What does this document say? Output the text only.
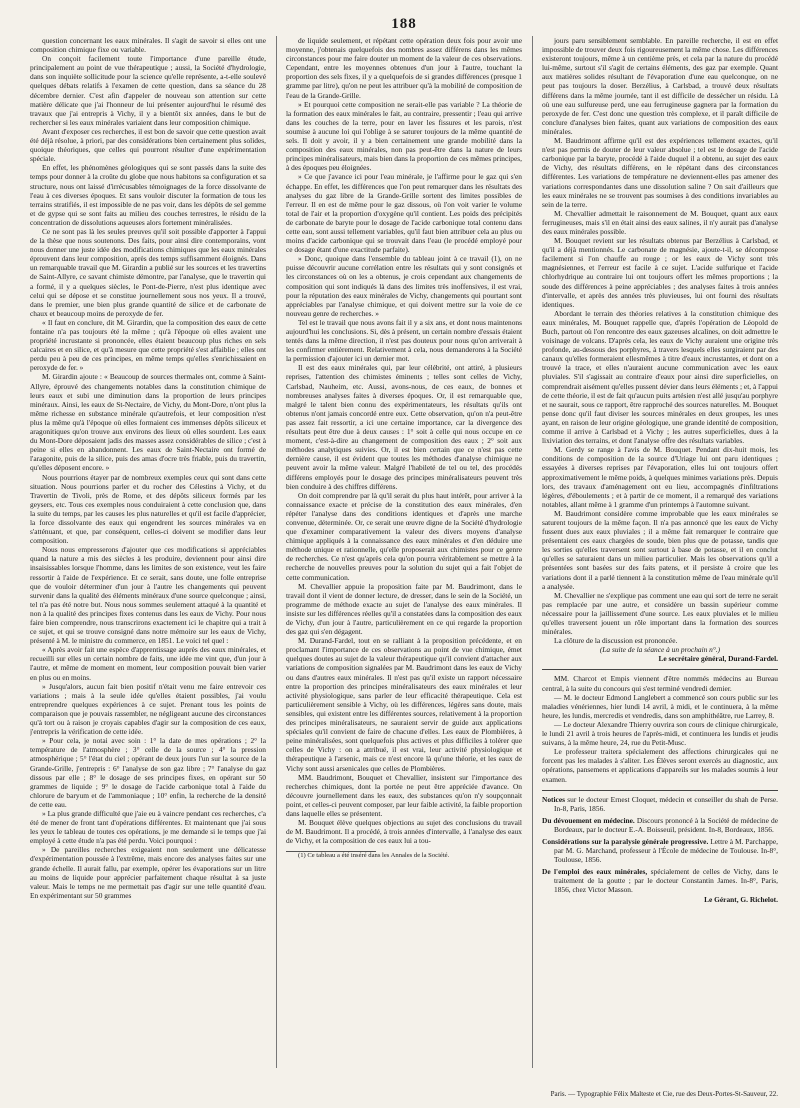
188

question concernant les eaux minérales. Il s'agit de savoir si elles ont une composition chimique fixe ou variable.

On conçoit facilement toute l'importance d'une pareille étude, principalement au point de vue thérapeutique ; aussi, la Société d'hydrologie, dans son inquiète sollicitude pour la science qu'elle représente, a-t-elle soulevé quelques débats relatifs à l'examen de cette question, dans sa séance du 28 décembre dernier. C'est afin d'appeler de nouveau son attention sur cette matière délicate que j'ai l'honneur de lui présenter aujourd'hui le résumé des travaux que j'ai entrepris à Vichy, il y a bientôt six années, dans le but de rechercher si les eaux minérales variaient dans leur composition chimique.

Avant d'exposer ces recherches, il est bon de savoir que cette question avait été déjà résolue, à priori, par des considérations bien certainement plus solides, quoique théoriques, que celles qui pourront résulter d'une expérimentation spéciale.

En effet, les phénomènes géologiques qui se sont passés dans la suite des temps pour donner à la croûte du globe que nous habitons sa configuration et sa structure, nous ont laissé d'irrécusables témoignages de la force dissolvante de l'eau à ces diverses époques. Et sans vouloir discuter la formation de tous les terrains stratifiés, il est impossible de ne pas voir, dans les dépôts de sel gemme et de gypse qui se sont faits au milieu des couches terrestres, le résidu de la concentration de dissolutions aqueuses alors fortement minéralisées.

Ce ne sont pas là les seules preuves qu'il soit possible d'apporter à l'appui de la thèse que nous soutenons. Des faits, pour ainsi dire contemporains, vont nous donner une juste idée des modifications chimiques que les eaux minérales éprouvent dans leur composition, après des temps suffisamment éloignés. Dans un remarquable travail que M. Girardin a publié sur les sources et les travertins de Saint-Allyre, ce savant chimiste démontre, par l'analyse, que le travertin qui a formé, il y a quelques siècles, le Pont-de-Pierre, n'est plus identique avec celui qui se dépose et se constitue journellement sous nos yeux. Il a trouvé, dans le premier, une bien plus grande quantité de silice et de carbonate de chaux et beaucoup moins de peroxyde de fer.

« Il faut en conclure, dit M. Girardin, que la composition des eaux de cette fontaine n'a pas toujours été la même ; qu'à l'époque où elles avaient une propriété incrustante si prononcée, elles étaient beaucoup plus riches en sels calcaires et en silice, et qu'à mesure que cette propriété s'est affaiblie ; elles ont perdu peu à peu de ces principes, en même temps qu'elles s'enrichissaient en peroxyde de fer. »

M. Girardin ajoute : « Beaucoup de sources thermales ont, comme à Saint-Allyre, éprouvé des changements notables dans la constitution chimique de leurs eaux et subi une diminution dans la proportion de leurs principes minéraux. Ainsi, les eaux de St-Nectaire, de Vichy, du Mont-Dore, n'ont plus la même richesse en substance minérale qu'autrefois, et leur composition n'est plus la même qu'à l'époque où elles formaient ces immenses dépôts siliceux et aragonitiques qu'on trouve aux environs des lieux où elles sourdent. Les eaux du Mont-Dore déposaient jadis des masses assez considérables de silice ; c'est à peine si elles en abandonnent. Les eaux de Saint-Nectaire ont formé de l'aragonite, puis de la silice, puis des amas d'ocre très friable, puis du travertin, qu'elles déposent encore. »

Nous pourrions étayer par de nombreux exemples ceux qui sont dans cette situation. Nous pourrions parler et du rocher des Célestins à Vichy, et du Travertin de Tivoli, près de Rome, et des dépôts siliceux formés par les geysers, etc. Tous ces exemples nous conduiraient à cette conclusion que, dans la suite du temps, par les causes les plus naturelles et qu'il est facile d'apprécier, la force dissolvante des eaux qui engendrent les sources minérales va en s'atténuant, et que, par conséquent, celles-ci doivent se modifier dans leur composition.

Nous nous empresserons d'ajouter que ces modifications si appréciables quand la nature a mis des siècles à les produire, deviennent pour ainsi dire insaisissables lorsque l'homme, dans les limites de son existence, veut les faire ressortir à l'aide de l'expérience. Et ce serait, sans doute, une folle entreprise que de vouloir déterminer d'un jour à l'autre les changements qui peuvent survenir dans la qualité des éléments minéraux d'une source quelconque ; ainsi, tel n'a pas été notre but. Nous nous sommes seulement attaqué à la quantité et non à la qualité des principes fixes contenus dans les eaux de Vichy. Pour nous faire bien comprendre, nous transcrirons exactement ici le chapitre qui a trait à ce sujet, et qui se trouve consigné dans notre mémoire sur les eaux de Vichy, présenté à M. le ministre du commerce, en 1851. Le voici tel quel :

« Après avoir fait une espèce d'apprentissage auprès des eaux minérales, et recueilli sur elles un certain nombre de faits, une idée me vint que, d'un jour à l'autre, et même de moment en moment, leur composition pouvait bien varier en plus ou en moins.

» Jusqu'alors, aucun fait bien positif n'était venu me faire entrevoir ces variations ; mais à la seule idée qu'elles étaient possibles, j'ai voulu entreprendre quelques expériences à ce sujet. Prenant tous les points de comparaison que je pouvais rassembler, ne négligeant aucune des circonstances qu'à tort ou à raison je croyais capables d'agir sur la composition de ces eaux, j'entrepris la vérification de cette idée.

» Pour cela, je notai avec soin : 1° la date de mes opérations ; 2° la température de l'atmosphère ; 3° celle de la source ; 4° la pression atmosphérique ; 5° l'état du ciel ; opérant de deux jours l'un sur la source de la Grande-Grille, j'entrepris : 6° l'analyse de son gaz libre ; 7° l'analyse du gaz dissous par elle ; 8° le dosage de ses principes fixes, en opérant sur 50 grammes de liquide ; 9° le dosage de l'acide carbonique total à l'aide du chlorure de baryum et de l'ammoniaque ; 10° enfin, la recherche de la densité de cette eau.

» La plus grande difficulté que j'aie eu à vaincre pendant ces recherches, c'a été de mener de front tant d'opérations différentes. Et maintenant que j'ai sous les yeux le tableau de toutes ces opérations, je me demande si le temps que j'ai employé à cette étude n'a pas été perdu. Voici pourquoi :

» De pareilles recherches exigeaient non seulement une délicatesse d'expérimentation poussée à l'extrême, mais encore des analyses faites sur une grande échelle. Il aurait fallu, par exemple, opérer les évaporations sur un litre au moins de liquide pour apprécier parfaitement chaque résultat à sa juste valeur. Mais le temps ne me permettait pas d'agir sur une telle quantité d'eau. En expérimentant sur 50 grammes

de liquide seulement, et répétant cette opération deux fois pour avoir une moyenne, j'obtenais quelquefois des nombres assez différens dans les mêmes circonstances pour me faire douter un moment de la valeur de ces observations. Cependant, entre les moyennes obtenues d'un jour à l'autre, touchant la proportion des sels fixes, il y a quelquefois de si grandes différences (presque 1 gramme par litre), qu'on ne peut les attribuer qu'à la mobilité de composition de l'eau de la Grande-Grille.

» Et pourquoi cette composition ne serait-elle pas variable ? La théorie de la formation des eaux minérales le fait, au contraire, pressentir ; l'eau qui arrive dans les couches de la terre, pour en laver les fissures et les parois, n'est soumise à aucune loi qui l'oblige à se saturer toujours de la même quantité de sels. Il doit y avoir, il y a bien certainement une grande mobilité dans la composition des eaux minérales, non pas peut-être dans la nature de leurs principes minéralisateurs, mais bien dans la proportion de ces mêmes principes, à des époques peu éloignées.

» Ce que j'avance ici pour l'eau minérale, je l'affirme pour le gaz qui s'en échappe. En effet, les différences que l'on peut remarquer dans les résultats des analyses du gaz libre de la Grande-Grille sortent des limites possibles de l'erreur. Il en est de même pour le gaz dissous, où l'on voit varier le volume total de l'air et la proportion d'oxygène qu'il contient. Les poids des précipités de carbonate de baryte pour le dosage de l'acide carbonique total contenu dans cette eau, sont aussi tellement variables, qu'il faut bien attribuer cela au plus ou moins d'acide carbonique qui se trouvait dans l'eau (le procédé employé pour ce dosage étant d'une exactitude parfaite).

» Donc, quoique dans l'ensemble du tableau joint à ce travail (1), on ne puisse découvrir aucune corrélation entre les résultats qui y sont consignés et les circonstances où on les a obtenus, je crois cependant aux changements de composition qui sont indiqués là dans des limites très inoffensives, il est vrai, pour la réputation des eaux minérales de Vichy, changements qui pourtant sont appréciables par l'analyse chimique, et qui doivent mettre sur la voie de ce nouveau genre de recherches. »

Tel est le travail que nous avons fait il y a six ans, et dont nous maintenons aujourd'hui les conclusions. Si, dès à présent, un certain nombre d'essais étaient tentés dans la même direction, il n'est pas douteux pour nous qu'on arriverait à les confirmer entièrement. Relativement à cela, nous demanderons à la Société la permission d'ajouter ici un dernier mot.

Il est des eaux minérales qui, par leur célébrité, ont attiré, à plusieurs reprises, l'attention des chimistes éminents ; telles sont celles de Vichy, Carlsbad, Nauheim, etc. Aussi, avons-nous, de ces eaux, de bonnes et nombreuses analyses faites à diverses époques. Or, il est remarquable que, malgré le talent bien connu des expérimentateurs, les résultats qu'ils ont obtenus n'ont jamais concordé entre eux. Cette observation, qu'on n'a peut-être pas assez fait ressortir, a ici une certaine importance, car la divergence des résultats peut être due à deux causes : 1° soit à celle qui nous occupe en ce moment, c'est-à-dire au changement de composition des eaux ; 2° soit aux méthodes analytiques suivies. Or, il est bien certain que ce n'est pas cette dernière cause, il est évident que toutes les méthodes d'analyse chimique ne peuvent avoir la même valeur. Malgré l'habileté de tel ou tel, des procédés différens employés pour le dosage des principes minéralisateurs peuvent très bien conduire à des chiffres différens.

On doit comprendre par là qu'il serait du plus haut intérêt, pour arriver à la connaissance exacte et précise de la constitution des eaux minérales, d'en répéter l'analyse dans des conditions identiques et d'après une marche convenue, déterminée. Or, ce serait une œuvre digne de la Société d'hydrologie que d'examiner comparativement la valeur des divers moyens d'analyse chimique appliqués à la connaissance des eaux minérales et d'en déduire une méthode unique et rationnelle, qu'elle proposerait aux chimistes pour ce genre de recherches. Ce n'est qu'après cela qu'on pourra véritablement se mettre à la recherche de nouvelles preuves pour la solution du sujet qui a fait l'objet de cette communication.

M. Chevallier appuie la proposition faite par M. Baudrimont, dans le travail dont il vient de donner lecture, de dresser, dans le sein de la Société, un programme de méthode exacte au sujet de l'analyse des eaux minérales. Il insiste sur les différences réelles qu'il a constatées dans la composition des eaux de Vichy, d'un jour à l'autre, particulièrement en ce qui regarde la proportion des gaz qui s'en dégagent.

M. Durand-Fardel, tout en se ralliant à la proposition précédente, et en proclamant l'importance de ces observations au point de vue chimique, émet quelques doutes au sujet de la valeur thérapeutique qu'il convient d'attacher aux variations de composition signalées par M. Baudrimont dans les eaux de Vichy ou dans d'autres eaux minérales. Il n'est pas qu'il existe un rapport nécessaire entre la proportion des principes minéralisateurs des eaux minérales et leur activité physiologique, sans parler de leur efficacité thérapeutique. Cela est particulièrement sensible à Vichy, où les différences, légères sans doute, mais sensibles, qui existent entre les différentes sources, relativement à la proportion des principes minéralisateurs, ne sauraient servir de guide aux applications spéciales qu'il convient de faire de chacune d'elles. Les eaux de Plombières, à peine minéralisées, sont quelquefois plus actives et plus difficiles à tolérer que celles de Vichy : on a attribué, il est vrai, leur activité physiologique et thérapeutique à l'arsenic, mais ce n'est encore là qu'une théorie, et les eaux de Vichy sont aussi arsenicales que celles de Plombières.

MM. Baudrimont, Bouquet et Chevallier, insistent sur l'importance des recherches chimiques, dont la portée ne peut être appréciée d'avance. On découvre journellement dans les eaux, des substances qu'on n'y soupçonnait point, et celles-ci peuvent composer, par leur faible activité, la faible proportion dans laquelle elles se présentent.

M. Bouquet élève quelques objections au sujet des conclusions du travail de M. Baudrimont. Il a procédé, à trois années d'intervalle, à l'analyse des eaux de Vichy, et la composition de ces eaux lui a tou-

(1) Ce tableau a été inséré dans les Annales de la Société.

jours paru sensiblement semblable. En pareille recherche, il est en effet impossible de trouver deux fois rigoureusement la même chose. Les différences existeront toujours, même à un centième près, et cela par la nature du procédé lui-même, surtout s'il s'agit de certains éléments, des gaz par exemple. Quant aux matières solides résultant de l'évaporation d'une eau quelconque, on ne peut pas toujours la doser. Berzélius, à Carlsbad, a trouvé deux résultats différens dans la même journée, tant il est difficile de dessécher un résidu. Là où une eau sulfureuse perd, une eau ferrugineuse gagnera par la formation du peroxyde de fer. C'est donc une question très complexe, et il paraît difficile de conclure d'analyses bien faites, quant aux variations de composition des eaux minérales.

M. Baudrimont affirme qu'il est des expériences tellement exactes, qu'il n'est pas permis de douter de leur valeur absolue ; tel est le dosage de l'acide carbonique par la baryte, procédé à l'aide duquel il a obtenu, au sujet des eaux de Vichy, des résultats différens, en le répétant dans des circonstances différentes. Les variations de température ne deviennent-elles pas amener des variations correspondantes dans une dissolution saline ? On sait d'ailleurs que les eaux minérales ne se trouvent pas soumises à des conditions invariables au sein de la terre.

M. Chevallier admettait le raisonnement de M. Bouquet, quant aux eaux ferrugineuses, mais s'il en était ainsi des eaux salines, il n'y aurait pas d'analyse des eaux minérales possible.

M. Bouquet revient sur les résultats obtenus par Berzélius à Carlsbad, et qu'il a déjà mentionnés. Le carbonate de magnésie, ajoute-t-il, se décompose facilement si l'on chauffe au rouge ; or les eaux de Vichy sont très magnésiennes, et l'erreur est facile à ce sujet. L'acide sulfurique et l'acide chlorhydrique au contraire lui ont toujours offert les mêmes proportions ; la soude des différences à peine appréciables ; des analyses faites à trois années d'intervalle, et après des années très pluvieuses, lui ont fourni des résultats identiques.

Abordant le terrain des théories relatives à la constitution chimique des eaux minérales, M. Bouquet rappelle que, d'après l'opération de Léopold de Buch, partout où l'on rencontre des eaux gazeuses alcalines, on doit admettre le voisinage de volcans. D'après cela, les eaux de Vichy auraient une origine très profonde, au-dessous des porphyres, à travers lesquels elles surgiraient par des canaux qu'elles formeraient ellesmêmes à titre d'eaux incrustantes, et dont on a trouvé la trace, et elles n'auraient aucune communication avec les eaux pluviales. S'il s'agissait au contraire d'eaux pour ainsi dire superficielles, on comprendrait aisément qu'elles pussent dévier dans leurs éléments ; et, à l'appui de cette théorie, il est de fait qu'aucun puits artésien n'est allé jusqu'au porphyre et ne saurait, sous ce rapport, être rapproché des sources naturelles. M. Bouquet pense donc qu'il faut diviser les sources minérales en deux groupes, les unes ayant, en raison de leur origine géologique, une grande identité de composition, comme il arrive à Carlsbad et à Vichy ; les autres superficielles, dues à la lixiviation des terrains, et dont l'analyse offre des résultats variables.

M. Gerdy se range à l'avis de M. Bouquet. Pendant dix-huit mois, les conditions de composition de la source d'Uriage lui ont paru identiques ; essayées à diverses reprises par l'évaporation, elles lui ont toujours offert approximativement le même poids, à quelques minimes variations près. Depuis lors, des travaux d'aménagement ont eu lieu, accompagnés d'infiltrations légères, d'éboulements ; et à partir de ce moment, il a remarqué des variations notables, allant même à 1 gramme d'un printemps à l'automne suivant.

M. Baudrimont considère comme improbable que les eaux minérales se saturent toujours de la même façon. Il n'a pas annoncé que les eaux de Vichy fussent dues aux eaux pluviales ; il a même fait remarquer le contraire que présentaient ces eaux chargées de soude, bien plus que de potasse, tandis que les sorties qu'elles traversent sont surtout à base de potasse, et il en conclut qu'elles se saturaient dans un milieu particulier. Mais les observations qu'il a présentées sont basées sur des faits patens, et il persiste à croire que les variations dont il a parlé tiennent à la constitution même de l'eau minérale qu'il a analysée.

M. Chevallier ne s'explique pas comment une eau qui sort de terre ne serait pas remplacée par une autre, et considère un bassin supérieur comme nécessaire pour la jaillissement d'une source. Les eaux pluviales et le milieu qu'elles traversent jouent un rôle important dans la formation des sources minérales.

La clôture de la discussion est prononcée.

(La suite de la séance à un prochain n°.)

Le secrétaire général, Durand-Fardel.

MM. Charcot et Empis viennent d'être nommés médecins au Bureau central, à la suite du concours qui s'est terminé vendredi dernier.

— M. le docteur Edmond Langlebert a commencé son cours public sur les maladies vénériennes, hier lundi 14 avril, à midi, et le continuera, à la même heure, les lundis, mercredis et vendredis, dans son amphithéâtre, rue Larrey, 8.

— Le docteur Alexandre Thierry ouvrira son cours de clinique chirurgicale, le lundi 21 avril à trois heures de l'après-midi, et continuera les lundis et jeudis suivans, à la même heure, 24, rue du Petit-Musc.

Le professeur traitera spécialement des affections chirurgicales qui ne forcent pas les malades à s'aliter. Les Élèves seront exercés au diagnostic, aux opérations, pansemens et applications d'appareils sur les malades soumis à leur examen.

Notices sur le docteur Ernest Cloquet, médecin et conseiller du shah de Perse. In-8, Paris, 1856.

Du dévouement en médecine. Discours prononcé à la Société de médecine de Bordeaux, par le docteur E.-A. Boisseuil, président. In-8, Bordeaux, 1856.

Considérations sur la paralysie générale progressive. Lettre à M. Parchappe, par M. G. Marchand, professeur à l'École de médecine de Toulouse. In-8°, Toulouse, 1856.

De l'emploi des eaux minérales, spécialement de celles de Vichy, dans le traitement de la goutte ; par le docteur Constantin James. In-8°, Paris, 1856, chez Victor Masson.

Le Gérant, G. Richelot.

Paris. — Typographie Félix Malteste et Cie, rue des Deux-Portes-St-Sauveur, 22.
